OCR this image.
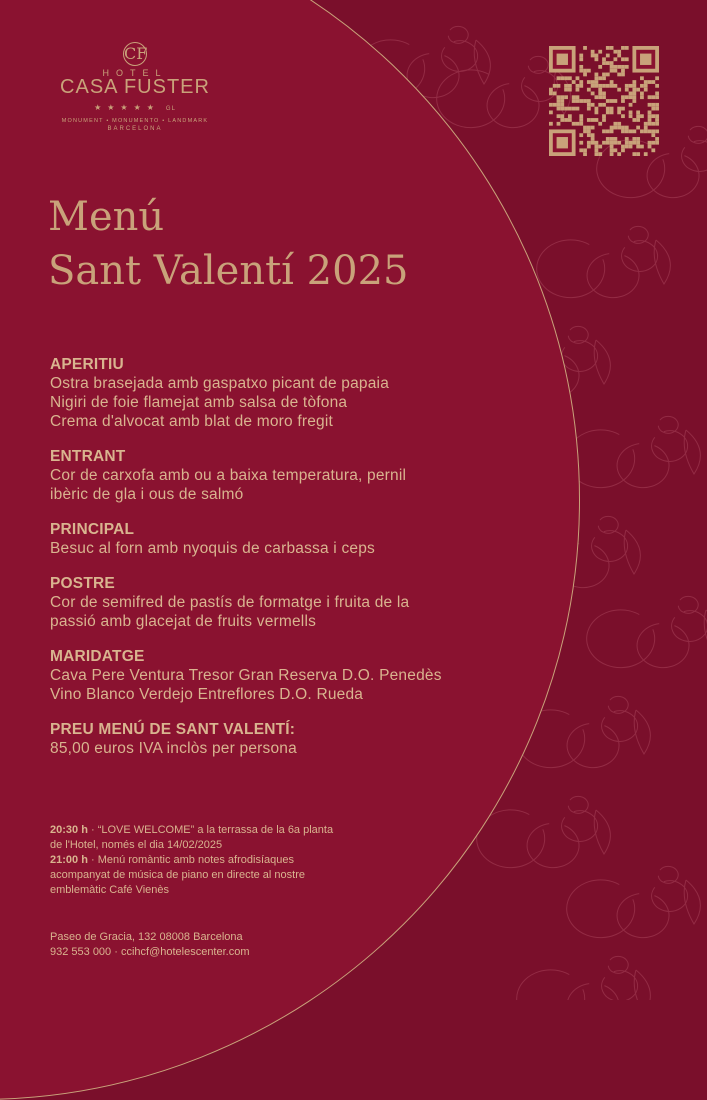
CF
HOTEL
CASA FUSTER
★★★★★ GL
MONUMENT • MONUMENTO • LANDMARK
BARCELONA
Menú
Sant Valentí 2025
APERITIU
Ostra brasejada amb gaspatxo picant de papaia
Nigiri de foie flamejat amb salsa de tòfona
Crema d'alvocat amb blat de moro fregit
ENTRANT
Cor de carxofa amb ou a baixa temperatura, pernil
ibèric de gla i ous de salmó
PRINCIPAL
Besuc al forn amb nyoquis de carbassa i ceps
POSTRE
Cor de semifred de pastís de formatge i fruita de la
passió amb glacejat de fruits vermells
MARIDATGE
Cava Pere Ventura Tresor Gran Reserva D.O. Penedès
Vino Blanco Verdejo Entreflores D.O. Rueda
PREU MENÚ DE SANT VALENTÍ:
85,00 euros IVA inclòs per persona
20:30 h · “LOVE WELCOME” a la terrassa de la 6a planta
de l'Hotel, només el dia 14/02/2025
21:00 h · Menú romàntic amb notes afrodisíaques
acompanyat de música de piano en directe al nostre
emblemàtic Café Vienès
Paseo de Gracia, 132 08008 Barcelona
932 553 000 · ccihcf@hotelescenter.com
